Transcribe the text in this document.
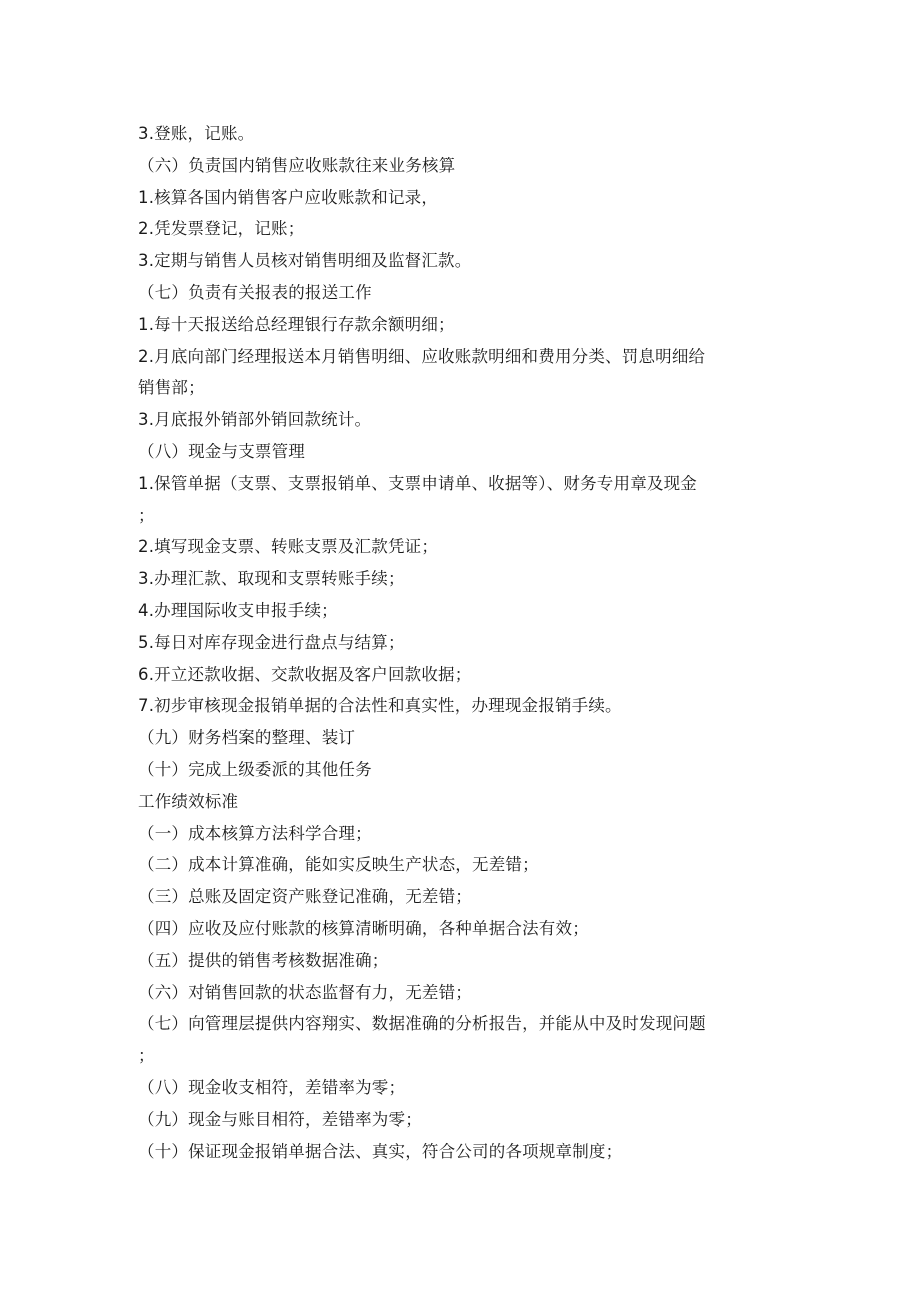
3.登账，记账。
（六）负责国内销售应收账款往来业务核算
1.核算各国内销售客户应收账款和记录，
2.凭发票登记，记账；
3.定期与销售人员核对销售明细及监督汇款。
（七）负责有关报表的报送工作
1.每十天报送给总经理银行存款余额明细；
2.月底向部门经理报送本月销售明细、应收账款明细和费用分类、罚息明细给
销售部；
3.月底报外销部外销回款统计。
（八）现金与支票管理
1.保管单据（支票、支票报销单、支票申请单、收据等）、财务专用章及现金
；
2.填写现金支票、转账支票及汇款凭证；
3.办理汇款、取现和支票转账手续；
4.办理国际收支申报手续；
5.每日对库存现金进行盘点与结算；
6.开立还款收据、交款收据及客户回款收据；
7.初步审核现金报销单据的合法性和真实性，办理现金报销手续。
（九）财务档案的整理、装订
（十）完成上级委派的其他任务
工作绩效标准
（一）成本核算方法科学合理；
（二）成本计算准确，能如实反映生产状态，无差错；
（三）总账及固定资产账登记准确，无差错；
（四）应收及应付账款的核算清晰明确，各种单据合法有效；
（五）提供的销售考核数据准确；
（六）对销售回款的状态监督有力，无差错；
（七）向管理层提供内容翔实、数据准确的分析报告，并能从中及时发现问题
；
（八）现金收支相符，差错率为零；
（九）现金与账目相符，差错率为零；
（十）保证现金报销单据合法、真实，符合公司的各项规章制度；
